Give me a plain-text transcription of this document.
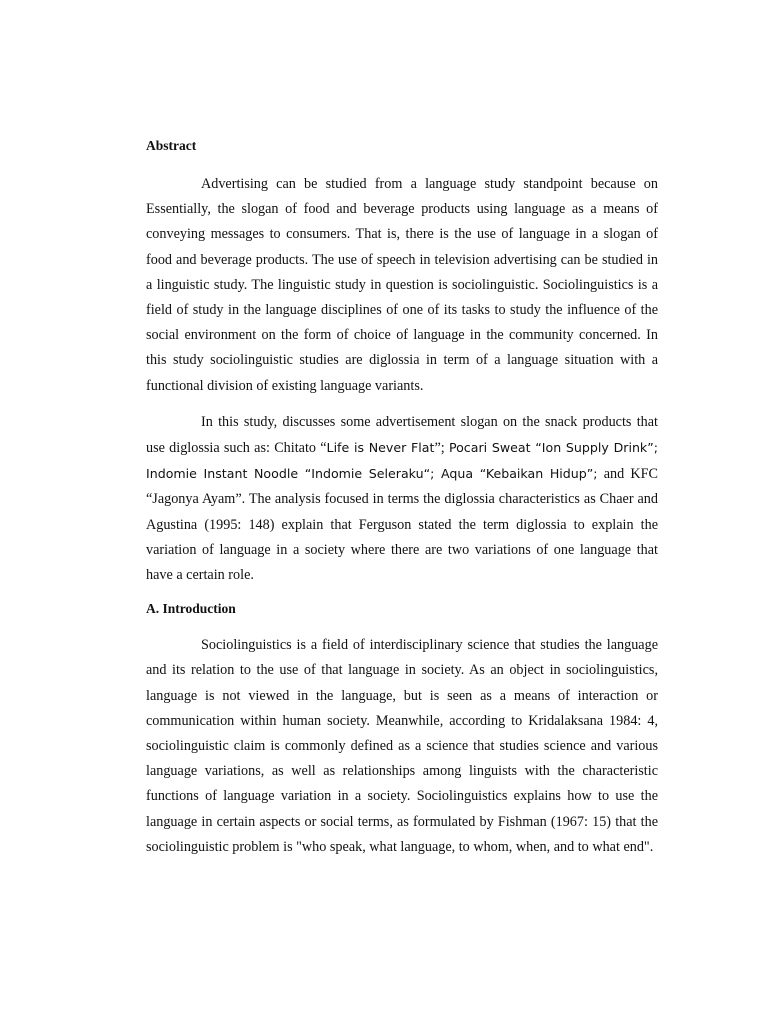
Abstract

Advertising can be studied from a language study standpoint because on Essentially, the slogan of food and beverage products using language as a means of conveying messages to consumers. That is, there is the use of language in a slogan of food and beverage products. The use of speech in television advertising can be studied in a linguistic study. The linguistic study in question is sociolinguistic. Sociolinguistics is a field of study in the language disciplines of one of its tasks to study the influence of the social environment on the form of choice of language in the community concerned. In this study sociolinguistic studies are diglossia in term of a language situation with a functional division of existing language variants.

In this study, discusses some advertisement slogan on the snack products that use diglossia such as: Chitato “Life is Never Flat”; Pocari Sweat “Ion Supply Drink”; Indomie Instant Noodle “Indomie Seleraku“; Aqua “Kebaikan Hidup”; and KFC “Jagonya Ayam”. The analysis focused in terms the diglossia characteristics as Chaer and Agustina (1995: 148) explain that Ferguson stated the term diglossia to explain the variation of language in a society where there are two variations of one language that have a certain role.

A. Introduction

Sociolinguistics is a field of interdisciplinary science that studies the language and its relation to the use of that language in society. As an object in sociolinguistics, language is not viewed in the language, but is seen as a means of interaction or communication within human society. Meanwhile, according to Kridalaksana 1984: 4, sociolinguistic claim is commonly defined as a science that studies science and various language variations, as well as relationships among linguists with the characteristic functions of language variation in a society. Sociolinguistics explains how to use the language in certain aspects or social terms, as formulated by Fishman (1967: 15) that the sociolinguistic problem is "who speak, what language, to whom, when, and to what end".
